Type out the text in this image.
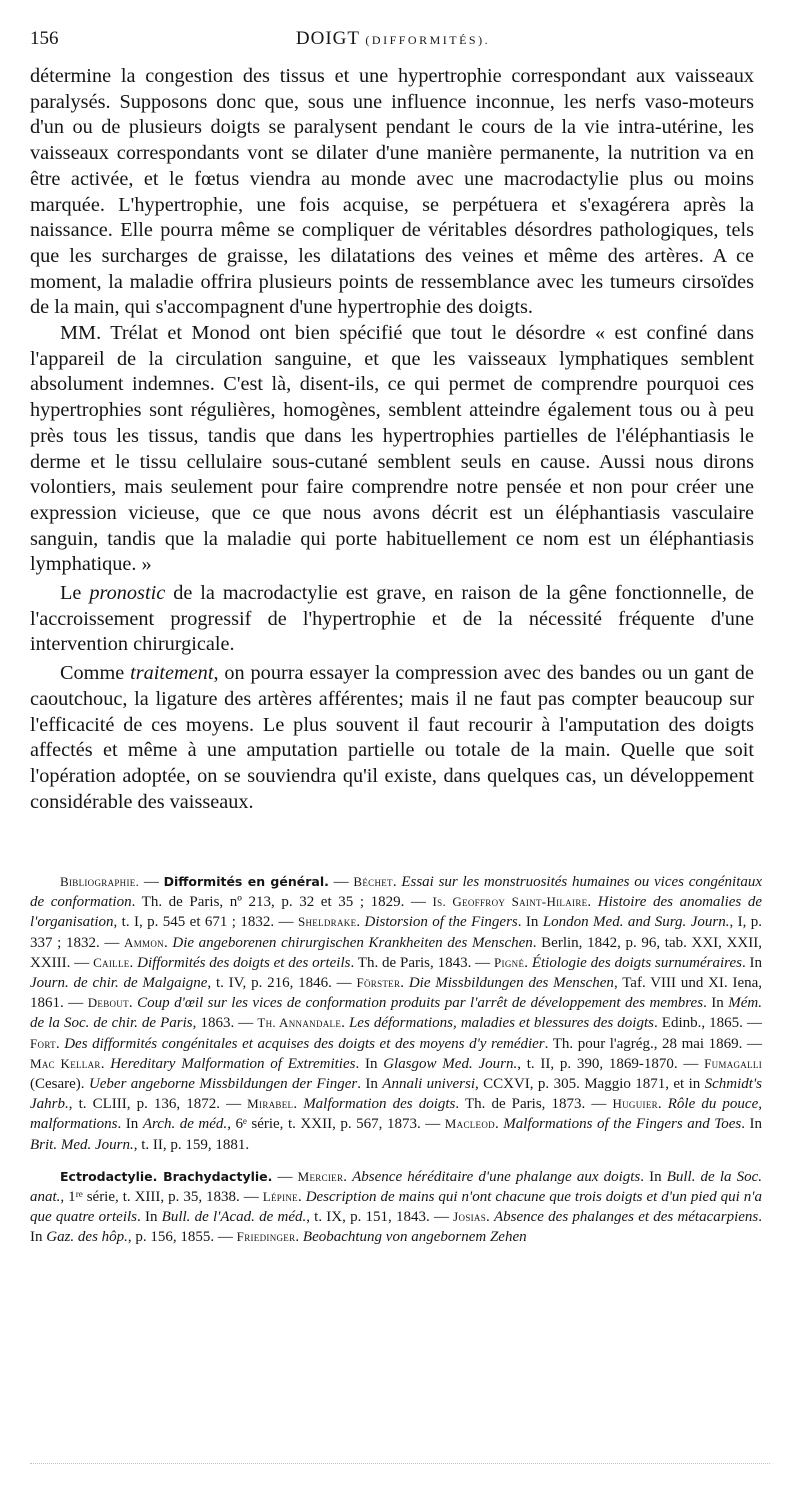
156	DOIGT (DIFFORMITÉS).

détermine la congestion des tissus et une hypertrophie correspondant aux vaisseaux paralysés. Supposons donc que, sous une influence inconnue, les nerfs vaso-moteurs d'un ou de plusieurs doigts se paralysent pendant le cours de la vie intra-utérine, les vaisseaux correspondants vont se dilater d'une manière permanente, la nutrition va en être activée, et le fœtus viendra au monde avec une macrodactylie plus ou moins marquée. L'hypertrophie, une fois acquise, se perpétuera et s'exagérera après la naissance. Elle pourra même se compliquer de véritables désordres pathologiques, tels que les surcharges de graisse, les dilatations des veines et même des artères. A ce moment, la maladie offrira plusieurs points de ressemblance avec les tumeurs cirsoïdes de la main, qui s'accompagnent d'une hypertrophie des doigts.

MM. Trélat et Monod ont bien spécifié que tout le désordre « est confiné dans l'appareil de la circulation sanguine, et que les vaisseaux lymphatiques semblent absolument indemnes. C'est là, disent-ils, ce qui permet de comprendre pourquoi ces hypertrophies sont régulières, homogènes, semblent atteindre également tous ou à peu près tous les tissus, tandis que dans les hypertrophies partielles de l'éléphantiasis le derme et le tissu cellulaire sous-cutané semblent seuls en cause. Aussi nous dirons volontiers, mais seulement pour faire comprendre notre pensée et non pour créer une expression vicieuse, que ce que nous avons décrit est un éléphantiasis vasculaire sanguin, tandis que la maladie qui porte habituellement ce nom est un éléphantiasis lymphatique. »

Le pronostic de la macrodactylie est grave, en raison de la gêne fonctionnelle, de l'accroissement progressif de l'hypertrophie et de la nécessité fréquente d'une intervention chirurgicale.

Comme traitement, on pourra essayer la compression avec des bandes ou un gant de caoutchouc, la ligature des artères afférentes; mais il ne faut pas compter beaucoup sur l'efficacité de ces moyens. Le plus souvent il faut recourir à l'amputation des doigts affectés et même à une amputation partielle ou totale de la main. Quelle que soit l'opération adoptée, on se souviendra qu'il existe, dans quelques cas, un développement considérable des vaisseaux.

Bibliographie. — Difformités en général. — Béchet. Essai sur les monstruosités humaines ou vices congénitaux de conformation. Th. de Paris, nº 213, p. 32 et 35 ; 1829. — Is. Geoffroy Saint-Hilaire. Histoire des anomalies de l'organisation, t. I, p. 545 et 671 ; 1832. — Sheldrake. Distorsion of the Fingers. In London Med. and Surg. Journ., I, p. 337 ; 1832. — Ammon. Die angeborenen chirurgischen Krankheiten des Menschen. Berlin, 1842, p. 96, tab. XXI, XXII, XXIII. — Caille. Difformités des doigts et des orteils. Th. de Paris, 1843. — Pigné. Étiologie des doigts surnuméraires. In Journ. de chir. de Malgaigne, t. IV, p. 216, 1846. — Förster. Die Missbildungen des Menschen, Taf. VIII und XI. Iena, 1861. — Debout. Coup d'œil sur les vices de conformation produits par l'arrêt de développement des membres. In Mém. de la Soc. de chir. de Paris, 1863. — Th. Annandale. Les déformations, maladies et blessures des doigts. Edinb., 1865. — Fort. Des difformités congénitales et acquises des doigts et des moyens d'y remédier. Th. pour l'agrég., 28 mai 1869. — Mac Kellar. Hereditary Malformation of Extremities. In Glasgow Med. Journ., t. II, p. 390, 1869-1870. — Fumagalli (Cesare). Ueber angeborne Missbildungen der Finger. In Annali universi, CCXVI, p. 305. Maggio 1871, et in Schmidt's Jahrb., t. CLIII, p. 136, 1872. — Mirabel. Malformation des doigts. Th. de Paris, 1873. — Huguier. Rôle du pouce, malformations. In Arch. de méd., 6ᵉ série, t. XXII, p. 567, 1873. — Macleod. Malformations of the Fingers and Toes. In Brit. Med. Journ., t. II, p. 159, 1881.

Ectrodactylie. Brachydactylie. — Mercier. Absence héréditaire d'une phalange aux doigts. In Bull. de la Soc. anat., 1ʳᵉ série, t. XIII, p. 35, 1838. — Lépine. Description de mains qui n'ont chacune que trois doigts et d'un pied qui n'a que quatre orteils. In Bull. de l'Acad. de méd., t. IX, p. 151, 1843. — Josias. Absence des phalanges et des métacarpiens. In Gaz. des hôp., p. 156, 1855. — Friedinger. Beobachtung von angebornem Zehen
